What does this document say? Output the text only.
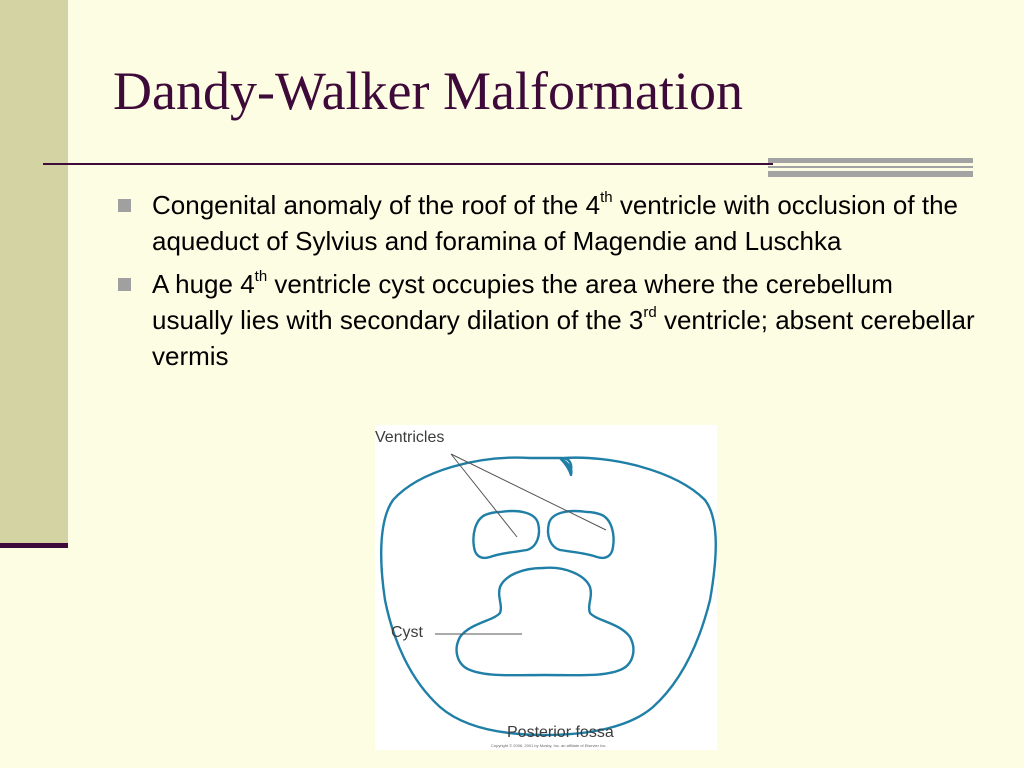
Dandy-Walker Malformation
Congenital anomaly of the roof of the 4th ventricle with occlusion of the aqueduct of Sylvius and foramina of Magendie and Luschka
A huge 4th ventricle cyst occupies the area where the cerebellum usually lies with secondary dilation of the 3rd ventricle; absent cerebellar vermis
Ventricles
Cyst
Posterior fossa
Copyright © 2006, 2001 by Mosby, Inc. an affiliate of Elsevier Inc.
